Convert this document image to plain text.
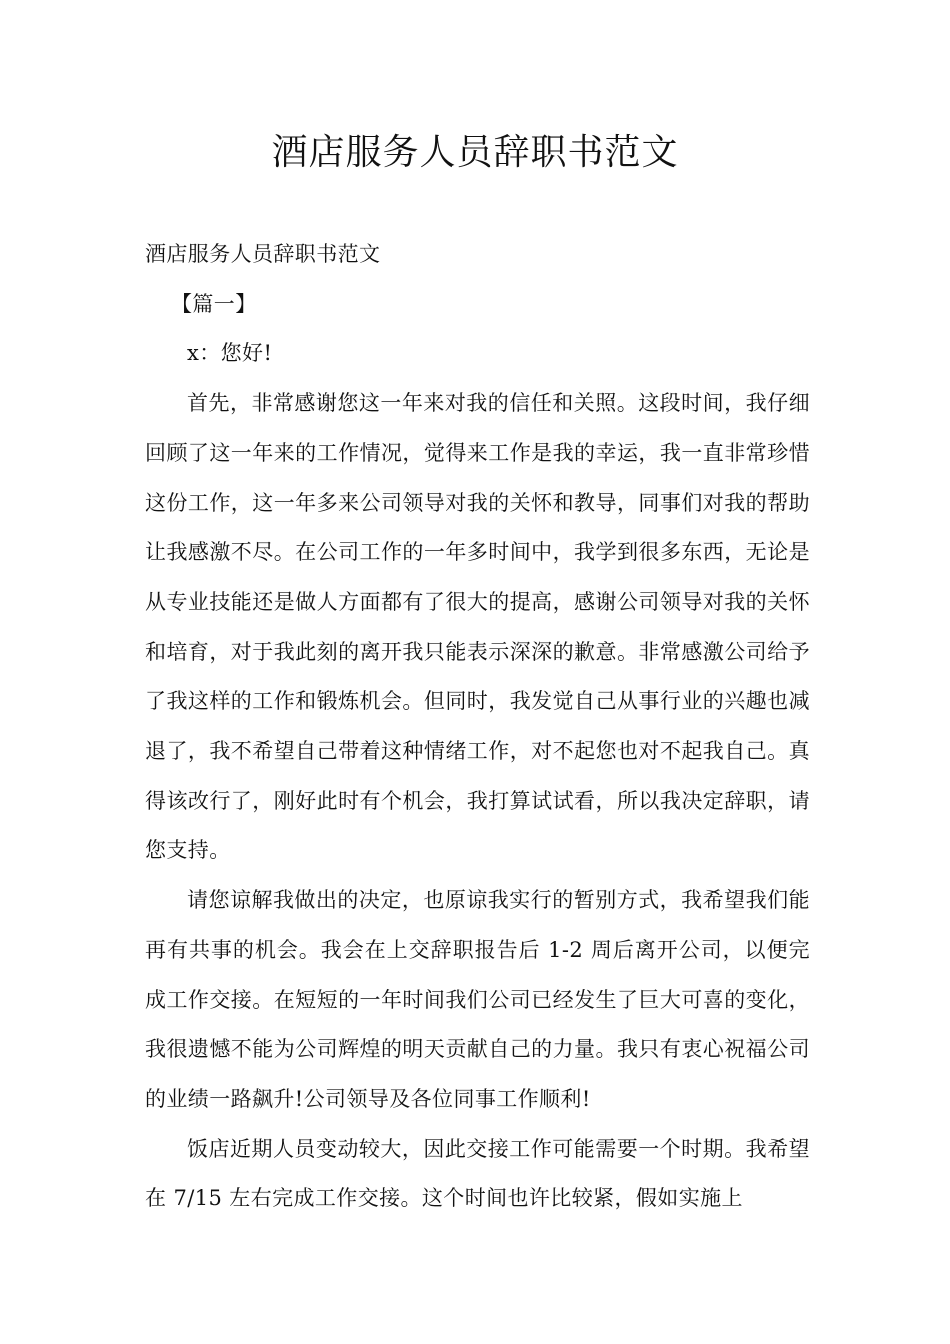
酒店服务人员辞职书范文

酒店服务人员辞职书范文

【篇一】

x：您好!

首先，非常感谢您这一年来对我的信任和关照。这段时间，我仔细回顾了这一年来的工作情况，觉得来工作是我的幸运，我一直非常珍惜这份工作，这一年多来公司领导对我的关怀和教导，同事们对我的帮助让我感激不尽。在公司工作的一年多时间中，我学到很多东西，无论是从专业技能还是做人方面都有了很大的提高，感谢公司领导对我的关怀和培育，对于我此刻的离开我只能表示深深的歉意。非常感激公司给予了我这样的工作和锻炼机会。但同时，我发觉自己从事行业的兴趣也减退了，我不希望自己带着这种情绪工作，对不起您也对不起我自己。真得该改行了，刚好此时有个机会，我打算试试看，所以我决定辞职，请您支持。

请您谅解我做出的决定，也原谅我实行的暂别方式，我希望我们能再有共事的机会。我会在上交辞职报告后 1-2 周后离开公司，以便完成工作交接。在短短的一年时间我们公司已经发生了巨大可喜的变化，我很遗憾不能为公司辉煌的明天贡献自己的力量。我只有衷心祝福公司的业绩一路飙升!公司领导及各位同事工作顺利!

饭店近期人员变动较大，因此交接工作可能需要一个时期。我希望在 7/15 左右完成工作交接。这个时间也许比较紧，假如实施上
